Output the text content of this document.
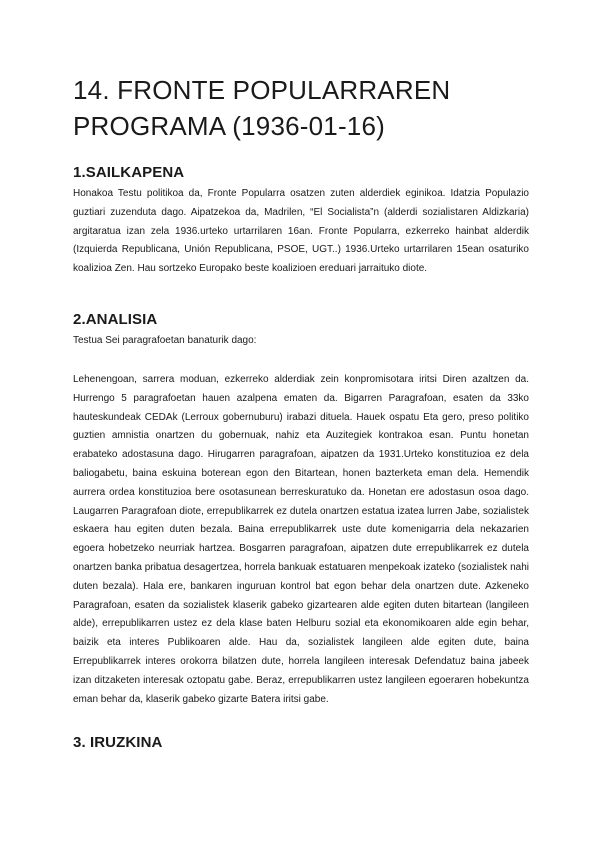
14. FRONTE POPULARRAREN PROGRAMA (1936-01-16)
1.SAILKAPENA

Honakoa Testu politikoa da, Fronte Popularra osatzen zuten alderdiek eginikoa. Idatzia Populazio guztiari zuzenduta dago. Aipatzekoa da, Madrilen, “El Socialista”n (alderdi sozialistaren Aldizkaria) argitaratua izan zela 1936.urteko urtarrilaren 16an. Fronte Popularra, ezkerreko hainbat alderdik (Izquierda Republicana, Unión Republicana, PSOE, UGT..) 1936.Urteko urtarrilaren 15ean osaturiko koalizioa Zen. Hau sortzeko Europako beste koalizioen ereduari jarraituko diote.

2.ANALISIA

Testua Sei paragrafoetan banaturik dago:

Lehenengoan, sarrera moduan, ezkerreko alderdiak zein konpromisotara iritsi Diren azaltzen da. Hurrengo 5 paragrafoetan hauen azalpena ematen da. Bigarren Paragrafoan, esaten da 33ko hauteskundeak CEDAk (Lerroux gobernuburu) irabazi dituela. Hauek ospatu Eta gero, preso politiko guztien amnistia onartzen du gobernuak, nahiz eta Auzitegiek kontrakoa esan. Puntu honetan erabateko adostasuna dago. Hirugarren paragrafoan, aipatzen da 1931.Urteko konstituzioa ez dela baliogabetu, baina eskuina boterean egon den Bitartean, honen bazterketa eman dela. Hemendik aurrera ordea konstituzioa bere osotasunean berreskuratuko da. Honetan ere adostasun osoa dago. Laugarren Paragrafoan diote, errepublikarrek ez dutela onartzen estatua izatea lurren Jabe, sozialistek eskaera hau egiten duten bezala. Baina errepublikarrek uste dute komenigarria dela nekazarien egoera hobetzeko neurriak hartzea. Bosgarren paragrafoan, aipatzen dute errepublikarrek ez dutela onartzen banka pribatua desagertzea, horrela bankuak estatuaren menpekoak izateko (sozialistek nahi duten bezala). Hala ere, bankaren inguruan kontrol bat egon behar dela onartzen dute. Azkeneko Paragrafoan, esaten da sozialistek klaserik gabeko gizartearen alde egiten duten bitartean (langileen alde), errepublikarren ustez ez dela klase baten Helburu sozial eta ekonomikoaren alde egin behar, baizik eta interes Publikoaren alde. Hau da, sozialistek langileen alde egiten dute, baina Errepublikarrek interes orokorra bilatzen dute, horrela langileen interesak Defendatuz baina jabeek izan ditzaketen interesak oztopatu gabe. Beraz, errepublikarren ustez langileen egoeraren hobekuntza eman behar da, klaserik gabeko gizarte Batera iritsi gabe.

3. IRUZKINA
